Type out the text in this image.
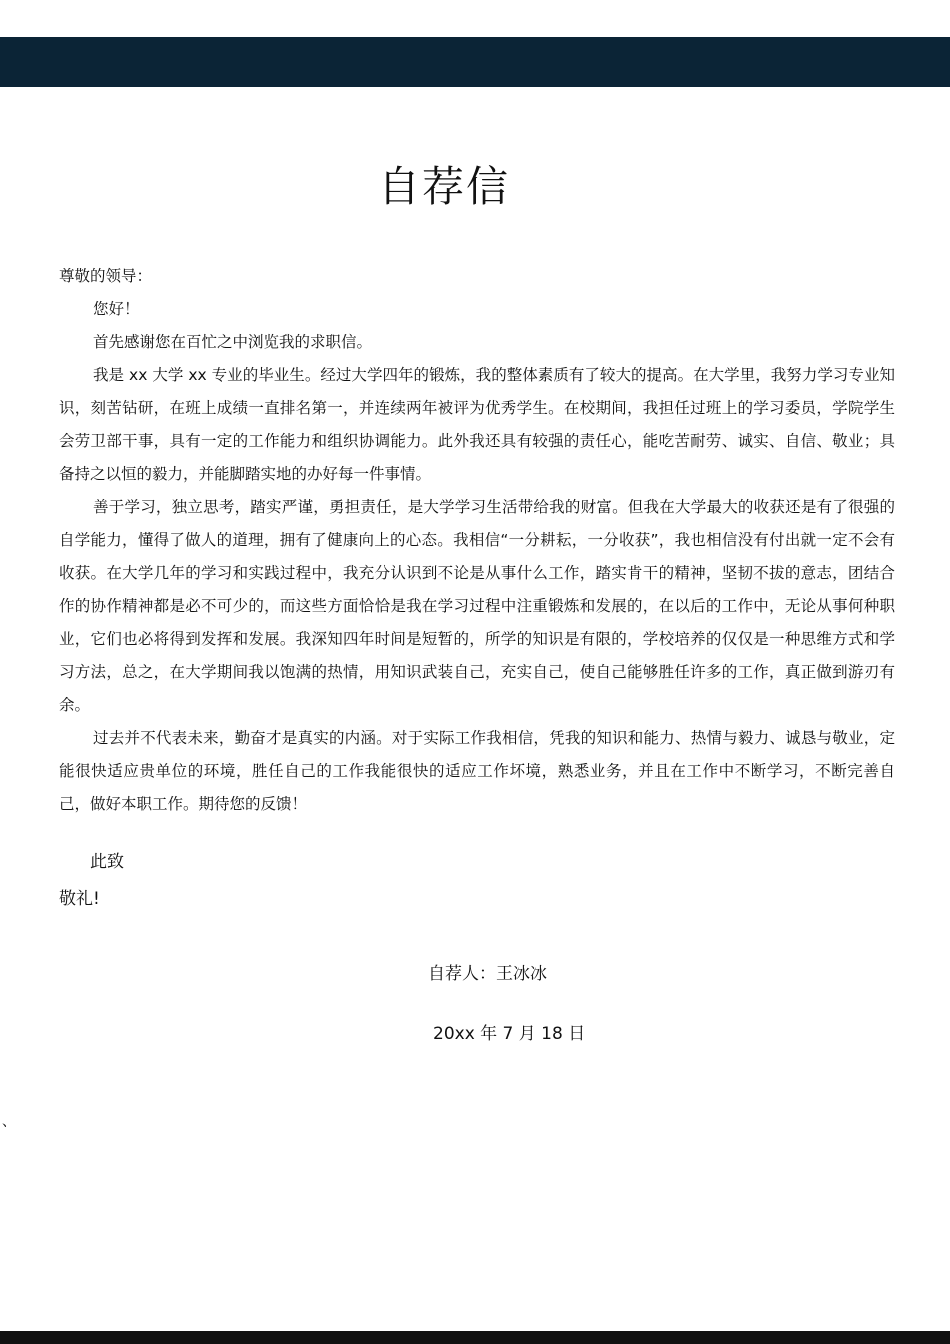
自荐信

尊敬的领导：

您好！

首先感谢您在百忙之中浏览我的求职信。

我是 xx 大学 xx 专业的毕业生。经过大学四年的锻炼，我的整体素质有了较大的提高。在大学里，我努力学习专业知识，刻苦钻研，在班上成绩一直排名第一，并连续两年被评为优秀学生。在校期间，我担任过班上的学习委员，学院学生会劳卫部干事，具有一定的工作能力和组织协调能力。此外我还具有较强的责任心，能吃苦耐劳、诚实、自信、敬业；具备持之以恒的毅力，并能脚踏实地的办好每一件事情。

善于学习，独立思考，踏实严谨，勇担责任，是大学学习生活带给我的财富。但我在大学最大的收获还是有了很强的自学能力，懂得了做人的道理，拥有了健康向上的心态。我相信“一分耕耘，一分收获”，我也相信没有付出就一定不会有收获。在大学几年的学习和实践过程中，我充分认识到不论是从事什么工作，踏实肯干的精神，坚韧不拔的意志，团结合作的协作精神都是必不可少的，而这些方面恰恰是我在学习过程中注重锻炼和发展的，在以后的工作中，无论从事何种职业，它们也必将得到发挥和发展。我深知四年时间是短暂的，所学的知识是有限的，学校培养的仅仅是一种思维方式和学习方法，总之，在大学期间我以饱满的热情，用知识武装自己，充实自己，使自己能够胜任许多的工作，真正做到游刃有余。

过去并不代表未来，勤奋才是真实的内涵。对于实际工作我相信，凭我的知识和能力、热情与毅力、诚恳与敬业，定能很快适应贵单位的环境，胜任自己的工作我能很快的适应工作坏境，熟悉业务，并且在工作中不断学习，不断完善自己，做好本职工作。期待您的反馈！

此致
敬礼!
自荐人：王冰冰
20xx 年 7 月 18 日
、
